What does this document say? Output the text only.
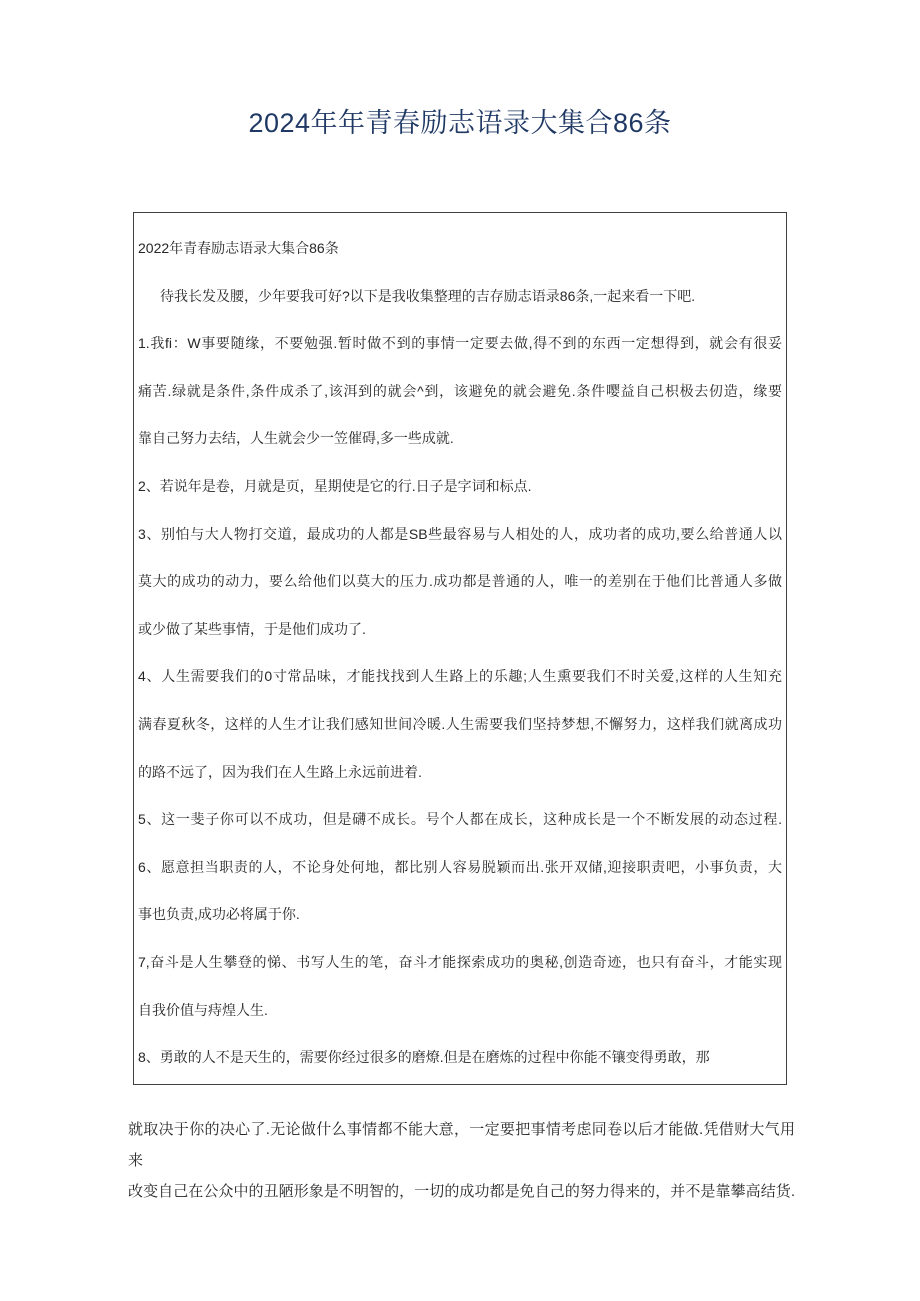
2024年年青春励志语录大集合86条
2022年青春励志语录大集合86条
待我长发及腰，少年要我可好?以下是我收集整理的吉存励志语录86条,一起来看一下吧.
1.我fi：W事要随缘，不要勉强.暂时做不到的事情一定要去做,得不到的东西一定想得到，就会有很妥
痛苦.绿就是条件,条件成杀了,该洱到的就会^到，该避免的就会避免.条件嘤益自己枳极去仞造，缘要
靠自己努力去结，人生就会少一笠催碍,多一些成就.
2、若说年是卷，月就是页，星期使是它的行.日子是字词和标点.
3、别怕与大人物打交道，最成功的人都是SB些最容易与人相处的人，成功者的成功,要么给普通人以
莫大的成功的动力，要么给他们以莫大的压力.成功都是普通的人，唯一的差别在于他们比普通人多做
或少做了某些事情，于是他们成功了.
4、人生需要我们的0寸常品味，才能找找到人生路上的乐趣;人生熏要我们不时关爱,这样的人生知充
满春夏秋冬，这样的人生才让我们感知世间冷暖.人生需要我们坚持梦想,不懈努力，这样我们就离成功
的路不远了，因为我们在人生路上永远前进着.
5、这一斐子你可以不成功，但是礴不成长。号个人都在成长，这种成长是一个不断发展的动态过程.
6、愿意担当职责的人，不论身处何地，都比别人容易脱颖而出.张开双储,迎接职责吧，小事负责，大
事也负责,成功必将属于你.
7,奋斗是人生攀登的悌、书写人生的笔，奋斗才能探索成功的奥秘,创造奇迹，也只有奋斗，才能实现
自我价值与痔煌人生.
8、勇敢的人不是天生的，需要你经过很多的磨燎.但是在磨炼的过程中你能不镶变得勇敢，那
就取决于你的决心了.无论做什么事情都不能大意，一定要把事情考虑同卷以后才能做.凭借财大气用来
改变自己在公众中的丑陋形象是不明智的，一切的成功都是免自己的努力得来的，并不是靠攀高结货.
